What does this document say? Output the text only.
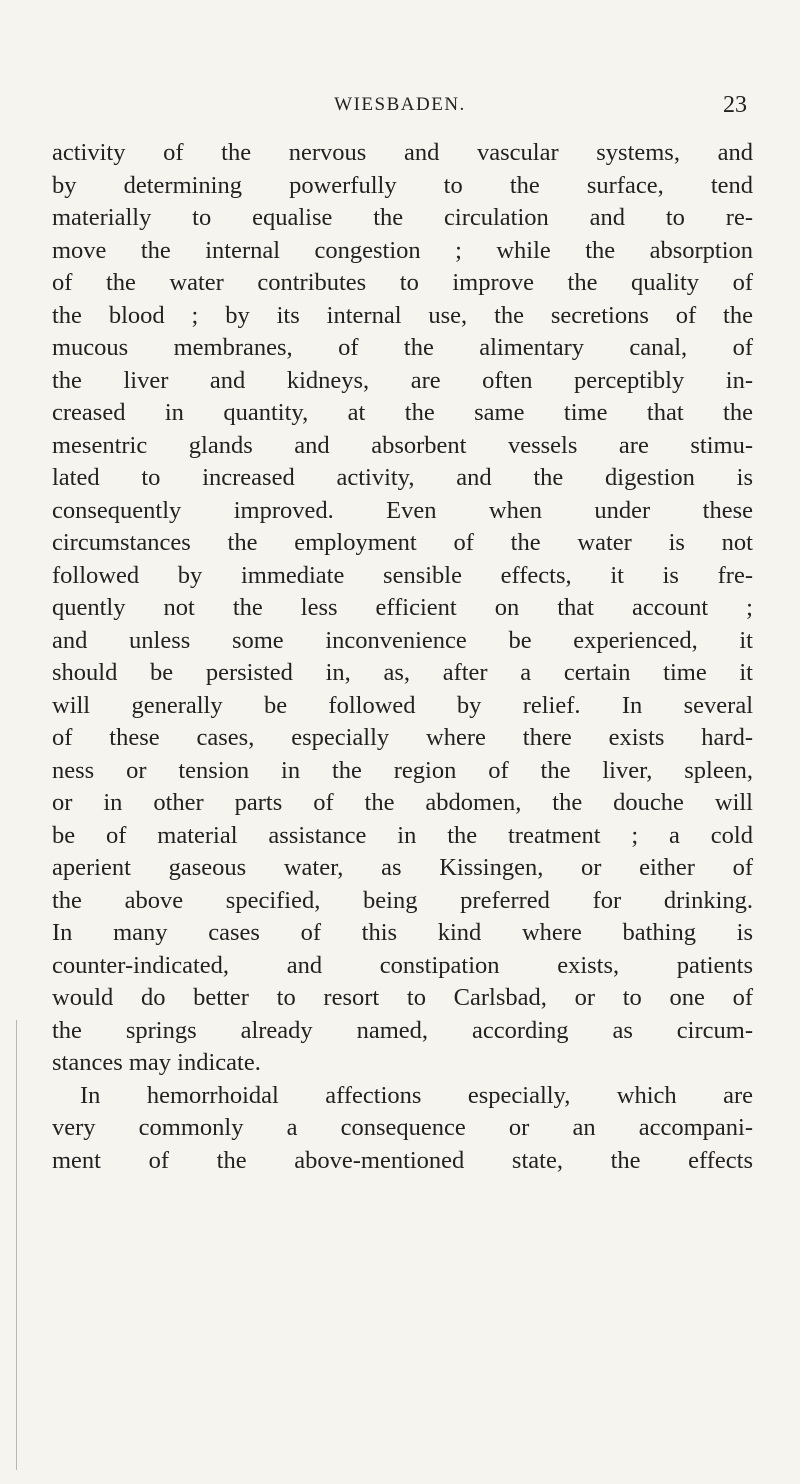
WIESBADEN.	23
activity of the nervous and vascular systems, and
by determining powerfully to the surface, tend
materially to equalise the circulation and to re-
move the internal congestion ; while the absorption
of the water contributes to improve the quality of
the blood ; by its internal use, the secretions of the
mucous membranes, of the alimentary canal, of
the liver and kidneys, are often perceptibly in-
creased in quantity, at the same time that the
mesentric glands and absorbent vessels are stimu-
lated to increased activity, and the digestion is
consequently improved. Even when under these
circumstances the employment of the water is not
followed by immediate sensible effects, it is fre-
quently not the less efficient on that account ;
and unless some inconvenience be experienced, it
should be persisted in, as, after a certain time it
will generally be followed by relief. In several
of these cases, especially where there exists hard-
ness or tension in the region of the liver, spleen,
or in other parts of the abdomen, the douche will
be of material assistance in the treatment ; a cold
aperient gaseous water, as Kissingen, or either of
the above specified, being preferred for drinking.
In many cases of this kind where bathing is
counter-indicated, and constipation exists, patients
would do better to resort to Carlsbad, or to one of
the springs already named, according as circum-
stances may indicate.
In hemorrhoidal affections especially, which are
very commonly a consequence or an accompani-
ment of the above-mentioned state, the effects
